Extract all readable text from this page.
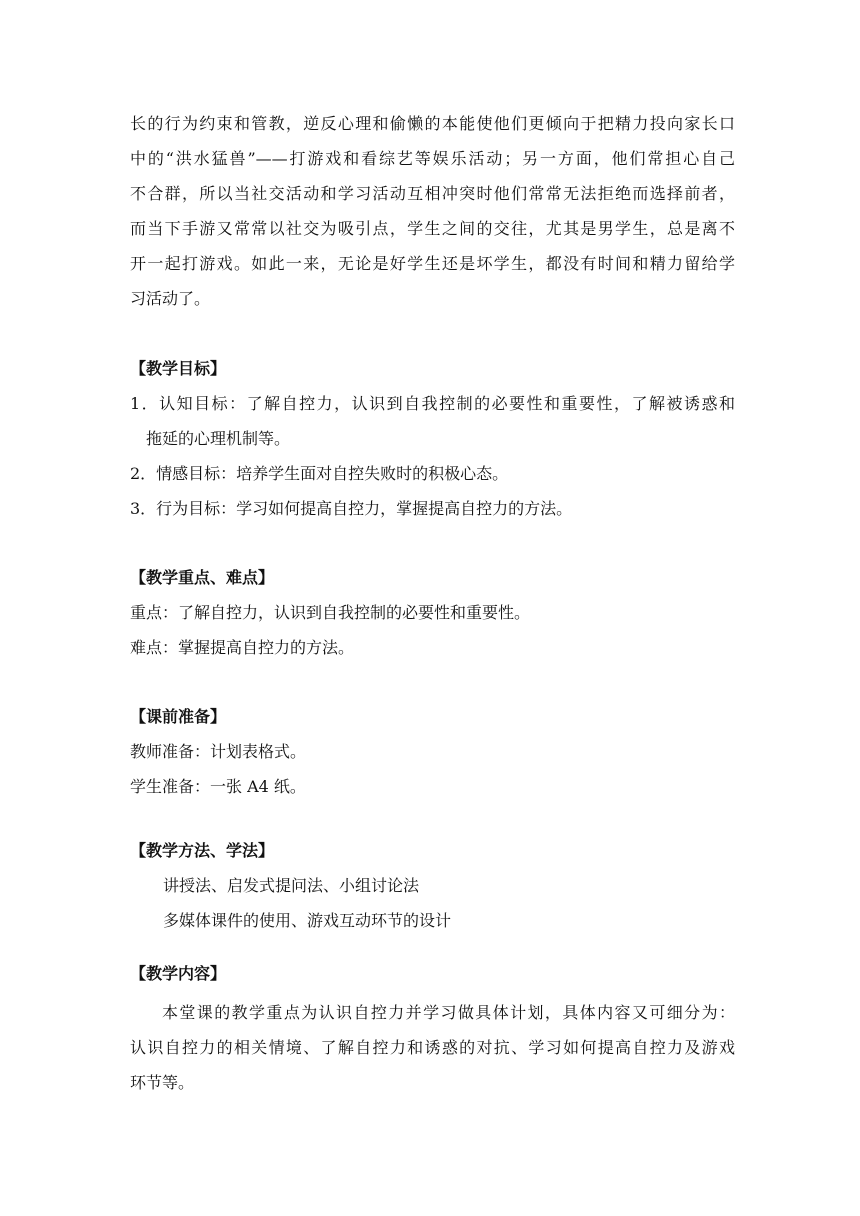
长的行为约束和管教，逆反心理和偷懒的本能使他们更倾向于把精力投向家长口
中的“洪水猛兽”——打游戏和看综艺等娱乐活动；另一方面，他们常担心自己
不合群，所以当社交活动和学习活动互相冲突时他们常常无法拒绝而选择前者，
而当下手游又常常以社交为吸引点，学生之间的交往，尤其是男学生，总是离不
开一起打游戏。如此一来，无论是好学生还是坏学生，都没有时间和精力留给学
习活动了。
【教学目标】
1．认知目标：了解自控力，认识到自我控制的必要性和重要性，了解被诱惑和
拖延的心理机制等。
2．情感目标：培养学生面对自控失败时的积极心态。
3．行为目标：学习如何提高自控力，掌握提高自控力的方法。
【教学重点、难点】
重点：了解自控力，认识到自我控制的必要性和重要性。
难点：掌握提高自控力的方法。
【课前准备】
教师准备：计划表格式。
学生准备：一张 A4 纸。
【教学方法、学法】
讲授法、启发式提问法、小组讨论法
多媒体课件的使用、游戏互动环节的设计
【教学内容】
本堂课的教学重点为认识自控力并学习做具体计划，具体内容又可细分为：
认识自控力的相关情境、了解自控力和诱惑的对抗、学习如何提高自控力及游戏
环节等。
